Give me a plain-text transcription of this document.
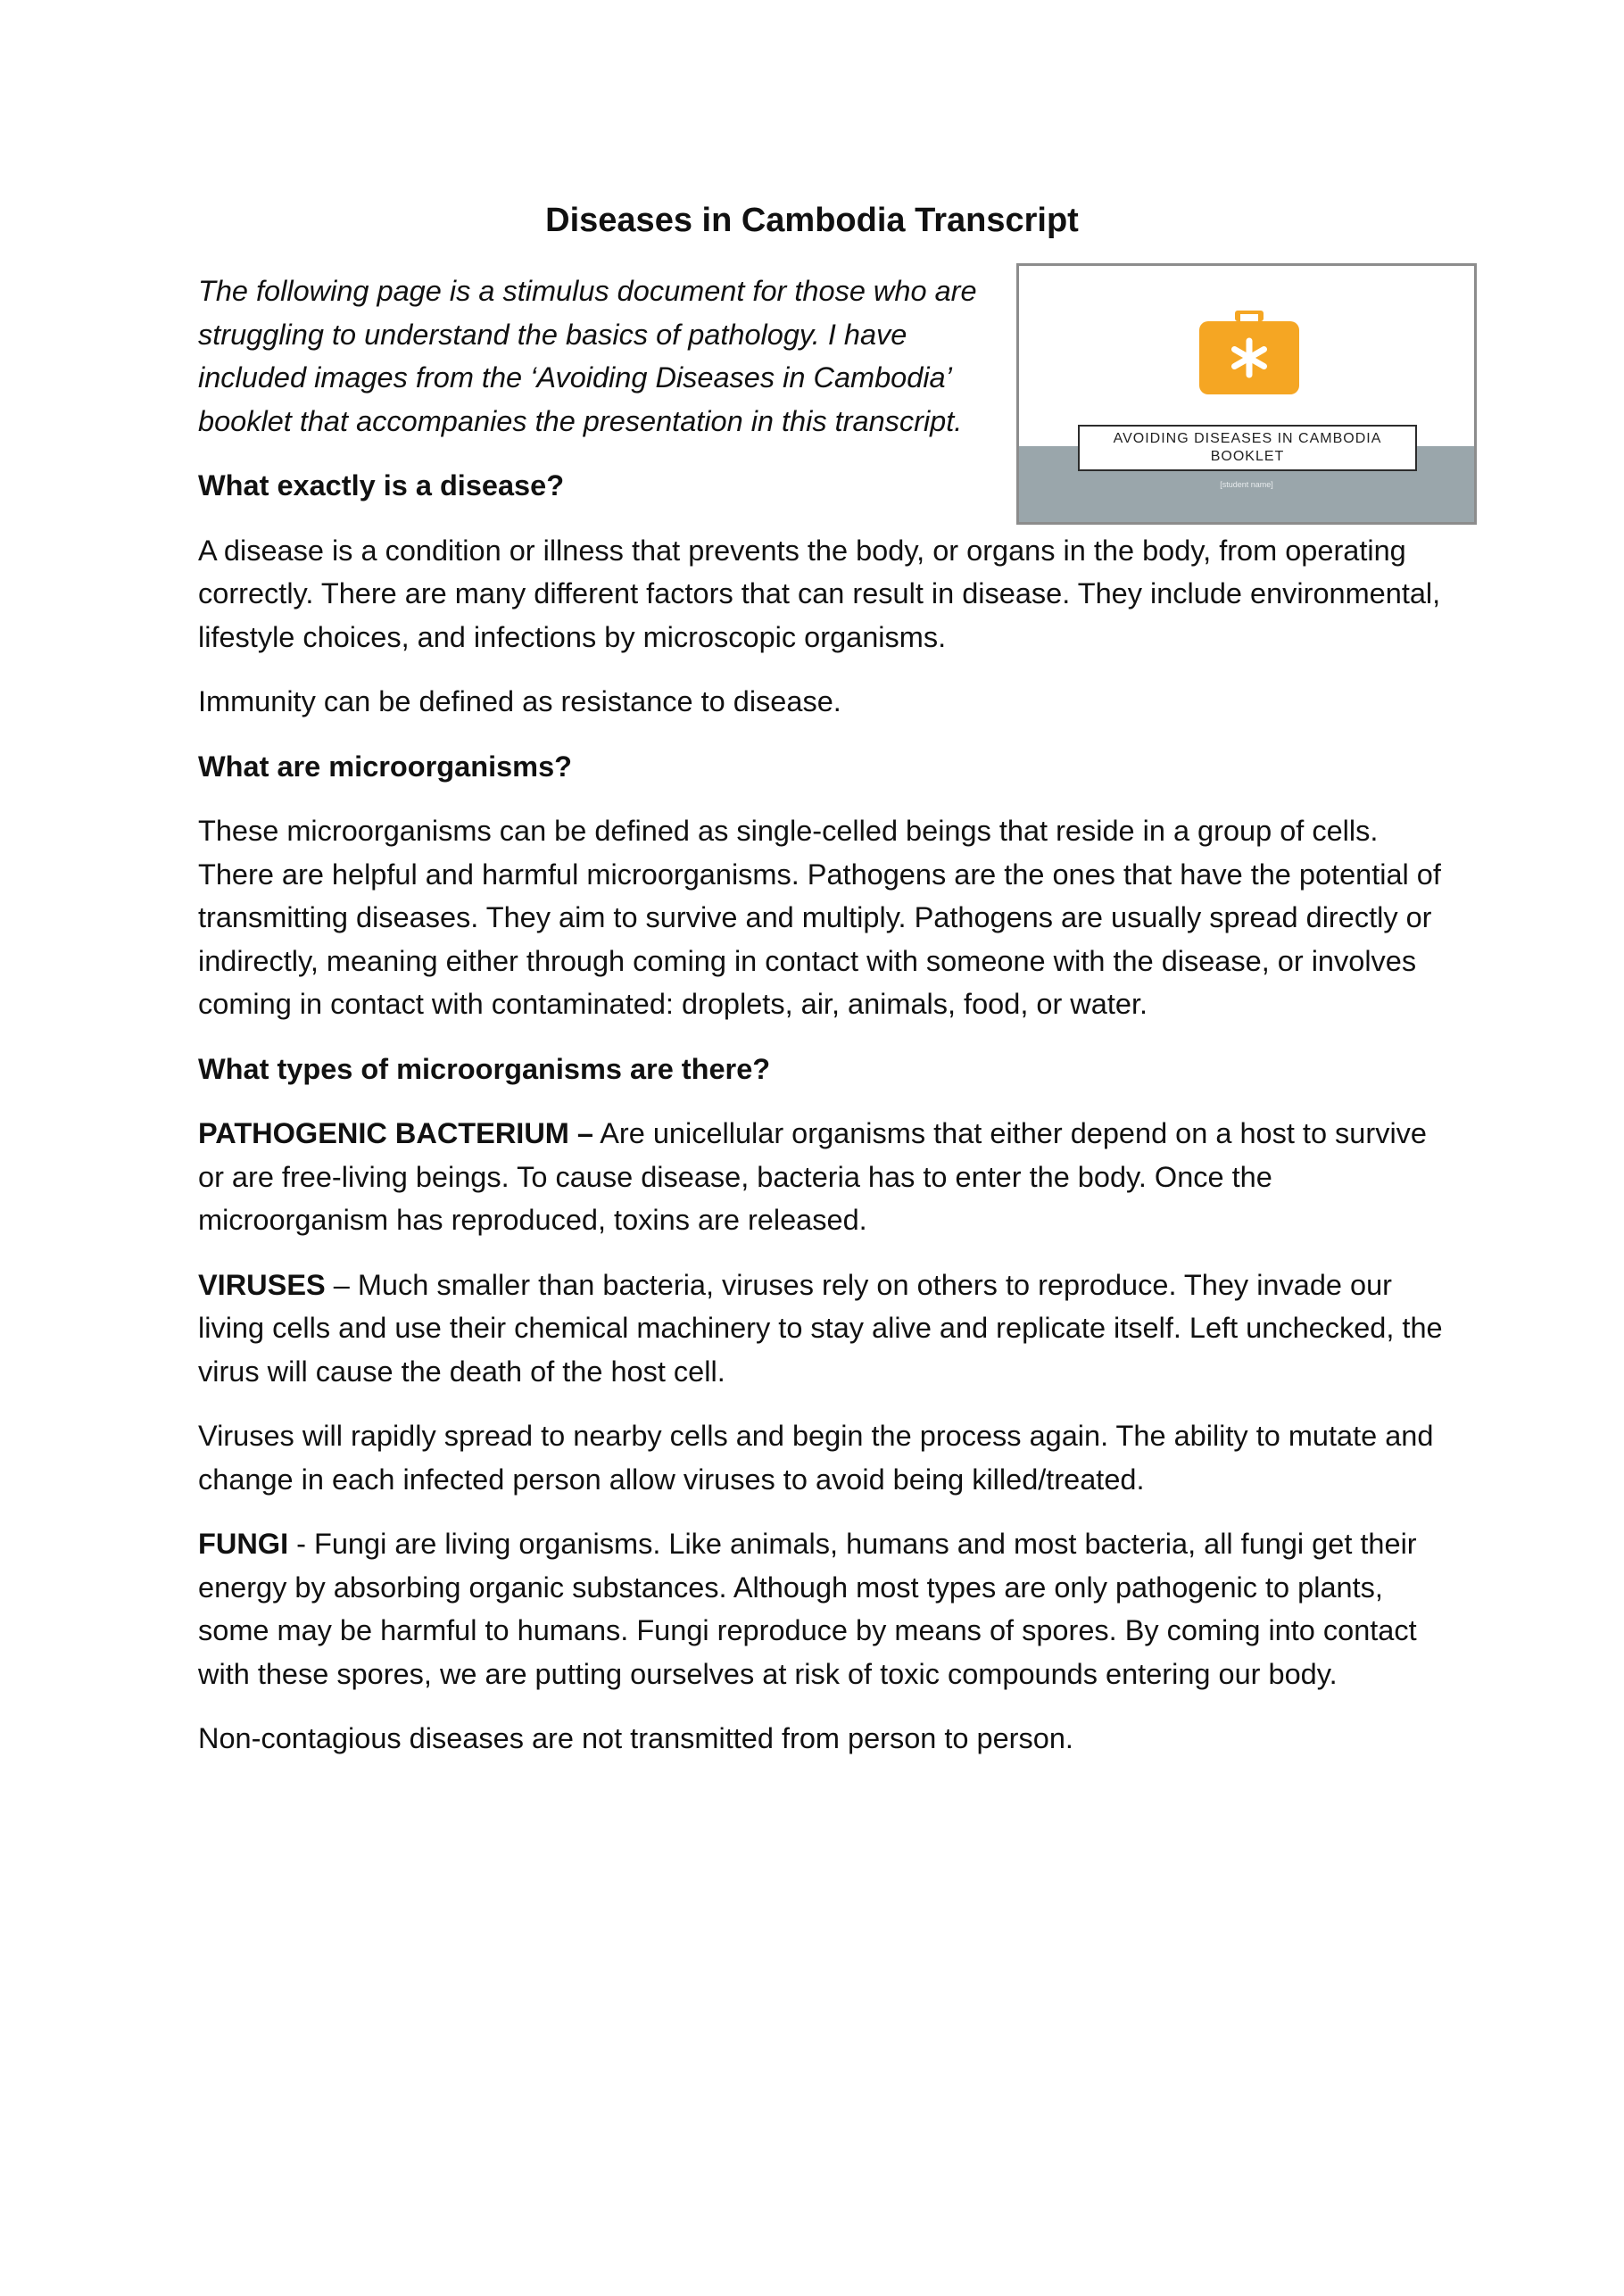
Diseases in Cambodia Transcript
AVOIDING DISEASES IN CAMBODIA
BOOKLET
[student name]

The following page is a stimulus document for those who are struggling to understand the basics of pathology. I have included images from the ‘Avoiding Diseases in Cambodia’ booklet that accompanies the presentation in this transcript.

What exactly is a disease?

A disease is a condition or illness that prevents the body, or organs in the body, from operating correctly. There are many different factors that can result in disease. They include environmental, lifestyle choices, and infections by microscopic organisms.

Immunity can be defined as resistance to disease.

What are microorganisms?

These microorganisms can be defined as single-celled beings that reside in a group of cells. There are helpful and harmful microorganisms. Pathogens are the ones that have the potential of transmitting diseases. They aim to survive and multiply. Pathogens are usually spread directly or indirectly, meaning either through coming in contact with someone with the disease, or involves coming in contact with contaminated: droplets, air, animals, food, or water.

What types of microorganisms are there?

PATHOGENIC BACTERIUM – Are unicellular organisms that either depend on a host to survive or are free-living beings. To cause disease, bacteria has to enter the body. Once the microorganism has reproduced, toxins are released.

VIRUSES – Much smaller than bacteria, viruses rely on others to reproduce. They invade our living cells and use their chemical machinery to stay alive and replicate itself. Left unchecked, the virus will cause the death of the host cell.

Viruses will rapidly spread to nearby cells and begin the process again. The ability to mutate and change in each infected person allow viruses to avoid being killed/treated.

FUNGI - Fungi are living organisms. Like animals, humans and most bacteria, all fungi get their energy by absorbing organic substances. Although most types are only pathogenic to plants, some may be harmful to humans. Fungi reproduce by means of spores. By coming into contact with these spores, we are putting ourselves at risk of toxic compounds entering our body.

Non-contagious diseases are not transmitted from person to person.
